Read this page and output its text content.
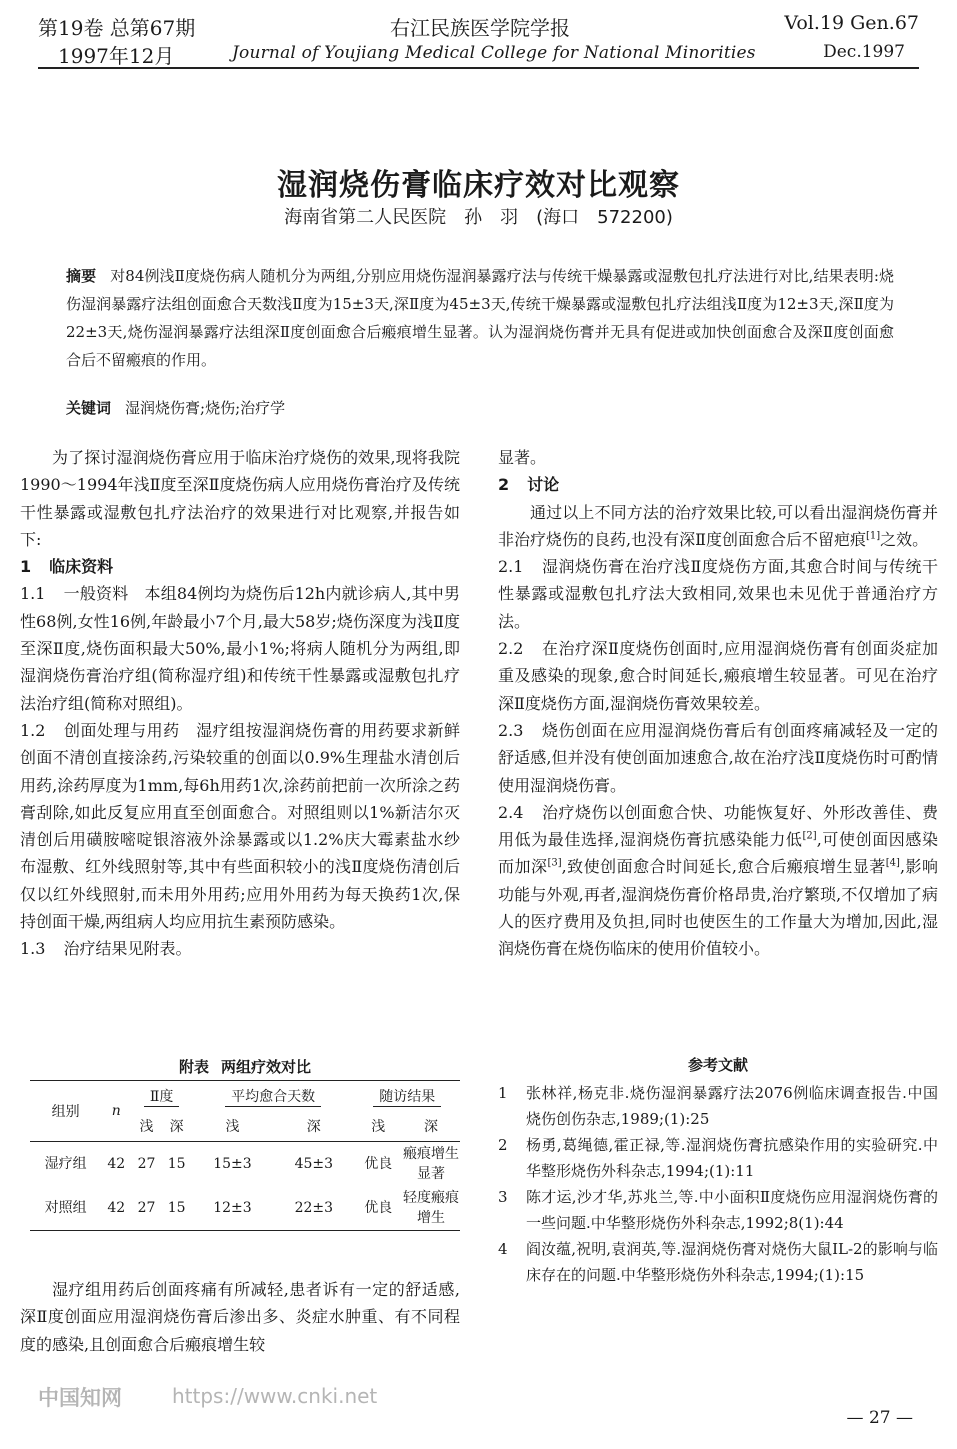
第19卷 总第67期
1997年12月
右江民族医学院学报
Journal of Youjiang Medical College for National Minorities
Vol.19 Gen.67
Dec.1997
湿润烧伤膏临床疗效对比观察
海南省第二人民医院　孙　羽　(海口　572200)
摘要 对84例浅Ⅱ度烧伤病人随机分为两组,分别应用烧伤湿润暴露疗法与传统干燥暴露或湿敷包扎疗法进行对比,结果表明:烧伤湿润暴露疗法组创面愈合天数浅Ⅱ度为15±3天,深Ⅱ度为45±3天,传统干燥暴露或湿敷包扎疗法组浅Ⅱ度为12±3天,深Ⅱ度为22±3天,烧伤湿润暴露疗法组深Ⅱ度创面愈合后瘢痕增生显著。认为湿润烧伤膏并无具有促进或加快创面愈合及深Ⅱ度创面愈合后不留瘢痕的作用。
关键词 湿润烧伤膏;烧伤;治疗学

为了探讨湿润烧伤膏应用于临床治疗烧伤的效果,现将我院1990～1994年浅Ⅱ度至深Ⅱ度烧伤病人应用烧伤膏治疗及传统干性暴露或湿敷包扎疗法治疗的效果进行对比观察,并报告如下:

1 临床资料

1.1 一般资料　本组84例均为烧伤后12h内就诊病人,其中男性68例,女性16例,年龄最小7个月,最大58岁;烧伤深度为浅Ⅱ度至深Ⅱ度,烧伤面积最大50%,最小1%;将病人随机分为两组,即湿润烧伤膏治疗组(简称湿疗组)和传统干性暴露或湿敷包扎疗法治疗组(简称对照组)。

1.2 创面处理与用药　湿疗组按湿润烧伤膏的用药要求新鲜创面不清创直接涂药,污染较重的创面以0.9%生理盐水清创后用药,涂药厚度为1mm,每6h用药1次,涂药前把前一次所涂之药膏刮除,如此反复应用直至创面愈合。对照组则以1%新洁尔灭清创后用磺胺嘧啶银溶液外涂暴露或以1.2%庆大霉素盐水纱布湿敷、红外线照射等,其中有些面积较小的浅Ⅱ度烧伤清创后仅以红外线照射,而未用外用药;应用外用药为每天换药1次,保持创面干燥,两组病人均应用抗生素预防感染。

1.3 治疗结果见附表。

附表 两组疗效对比
组别	n	Ⅱ度		平均愈合天数		随访结果	
		浅	深	浅	深	浅	深
湿疗组	42	27	15	15±3	45±3	优良	瘢痕增生显著
对照组	42	27	15	12±3	22±3	优良	轻度瘢痕增生

湿疗组用药后创面疼痛有所减轻,患者诉有一定的舒适感,深Ⅱ度创面应用湿润烧伤膏后渗出多、炎症水肿重、有不同程度的感染,且创面愈合后瘢痕增生较

显著。

2 讨论

通过以上不同方法的治疗效果比较,可以看出湿润烧伤膏并非治疗烧伤的良药,也没有深Ⅱ度创面愈合后不留疤痕[1]之效。

2.1 湿润烧伤膏在治疗浅Ⅱ度烧伤方面,其愈合时间与传统干性暴露或湿敷包扎疗法大致相同,效果也未见优于普通治疗方法。

2.2 在治疗深Ⅱ度烧伤创面时,应用湿润烧伤膏有创面炎症加重及感染的现象,愈合时间延长,瘢痕增生较显著。可见在治疗深Ⅱ度烧伤方面,湿润烧伤膏效果较差。

2.3 烧伤创面在应用湿润烧伤膏后有创面疼痛减轻及一定的舒适感,但并没有使创面加速愈合,故在治疗浅Ⅱ度烧伤时可酌情使用湿润烧伤膏。

2.4 治疗烧伤以创面愈合快、功能恢复好、外形改善佳、费用低为最佳选择,湿润烧伤膏抗感染能力低[2],可使创面因感染而加深[3],致使创面愈合时间延长,愈合后瘢痕增生显著[4],影响功能与外观,再者,湿润烧伤膏价格昂贵,治疗繁琐,不仅增加了病人的医疗费用及负担,同时也使医生的工作量大为增加,因此,湿润烧伤膏在烧伤临床的使用价值较小。

参考文献
1	张林祥,杨克非.烧伤湿润暴露疗法2076例临床调查报告.中国烧伤创伤杂志,1989;(1):25
2	杨勇,葛绳德,霍正禄,等.湿润烧伤膏抗感染作用的实验研究.中华整形烧伤外科杂志,1994;(1):11
3	陈才运,沙才华,苏兆兰,等.中小面积Ⅱ度烧伤应用湿润烧伤膏的一些问题.中华整形烧伤外科杂志,1992;8(1):44
4	阎汝蕴,祝明,袁润英,等.湿润烧伤膏对烧伤大鼠IL-2的影响与临床存在的问题.中华整形烧伤外科杂志,1994;(1):15
中国知网	https://www.cnki.net
— 27 —
